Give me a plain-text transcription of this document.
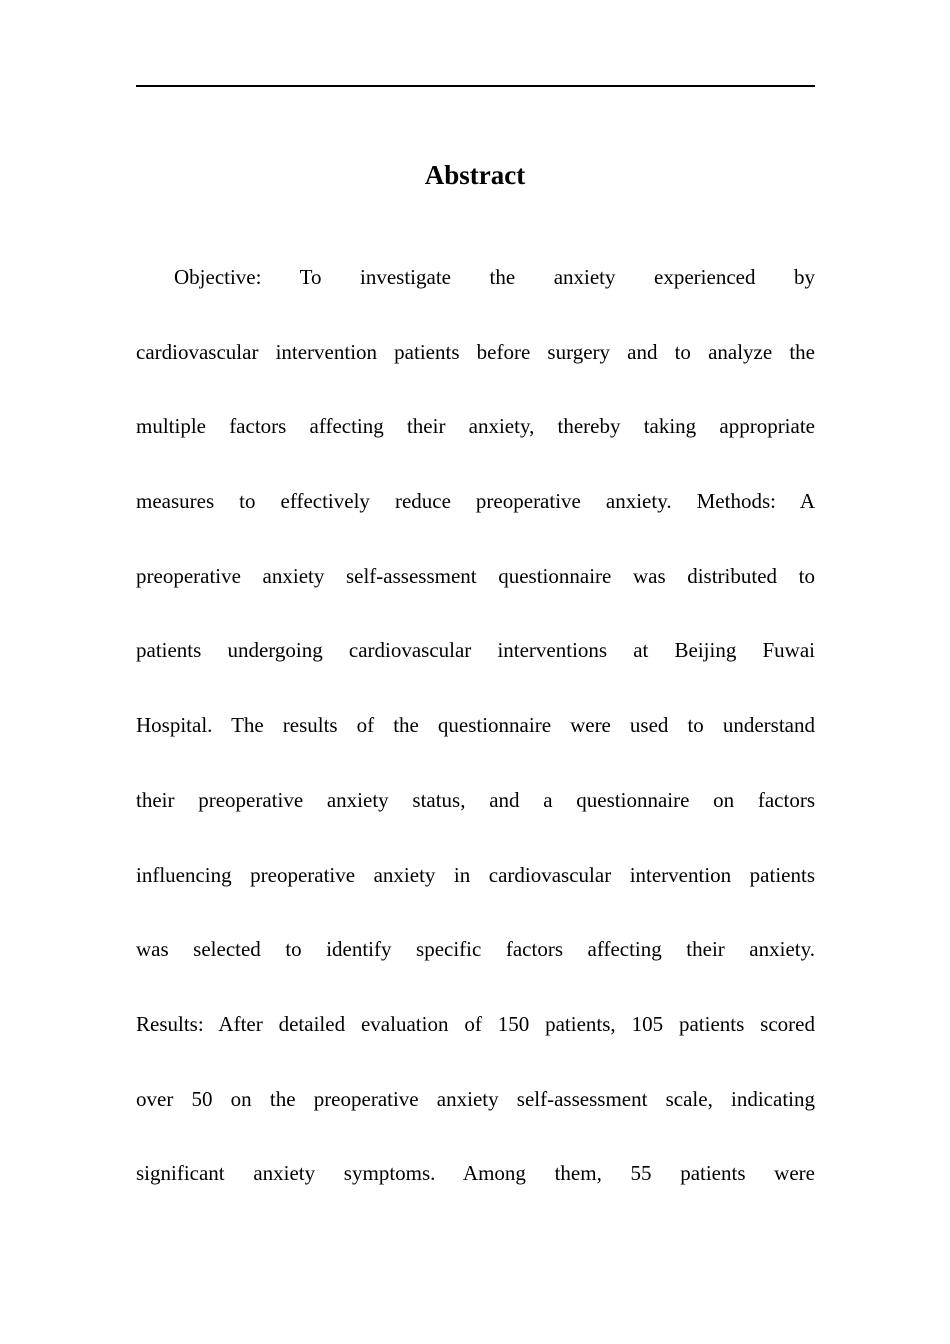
Abstract
Objective: To investigate the anxiety experienced by
cardiovascular intervention patients before surgery and to analyze the
multiple factors affecting their anxiety, thereby taking appropriate
measures to effectively reduce preoperative anxiety. Methods: A
preoperative anxiety self-assessment questionnaire was distributed to
patients undergoing cardiovascular interventions at Beijing Fuwai
Hospital. The results of the questionnaire were used to understand
their preoperative anxiety status, and a questionnaire on factors
influencing preoperative anxiety in cardiovascular intervention patients
was selected to identify specific factors affecting their anxiety.
Results: After detailed evaluation of 150 patients, 105 patients scored
over 50 on the preoperative anxiety self-assessment scale, indicating
significant anxiety symptoms. Among them, 55 patients were
